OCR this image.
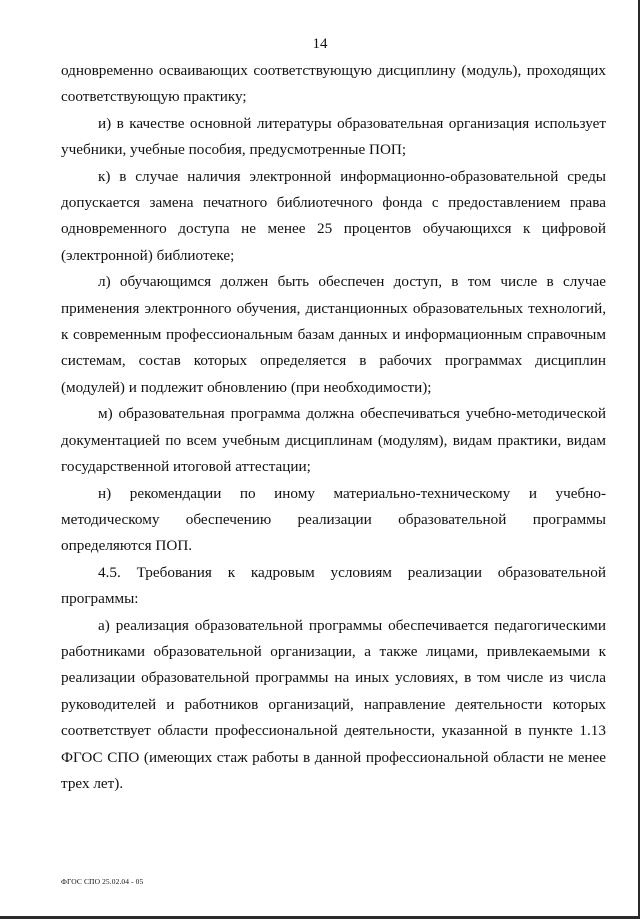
14

одновременно осваивающих соответствующую дисциплину (модуль), проходящих соответствующую практику;

и) в качестве основной литературы образовательная организация использует учебники, учебные пособия, предусмотренные ПОП;

к) в случае наличия электронной информационно-образовательной среды допускается замена печатного библиотечного фонда с предоставлением права одновременного доступа не менее 25 процентов обучающихся к цифровой (электронной) библиотеке;

л) обучающимся должен быть обеспечен доступ, в том числе в случае применения электронного обучения, дистанционных образовательных технологий, к современным профессиональным базам данных и информационным справочным системам, состав которых определяется в рабочих программах дисциплин (модулей) и подлежит обновлению (при необходимости);

м) образовательная программа должна обеспечиваться учебно-методической документацией по всем учебным дисциплинам (модулям), видам практики, видам государственной итоговой аттестации;

н) рекомендации по иному материально-техническому и учебно-методическому обеспечению реализации образовательной программы определяются ПОП.

4.5. Требования к кадровым условиям реализации образовательной программы:

а) реализация образовательной программы обеспечивается педагогическими работниками образовательной организации, а также лицами, привлекаемыми к реализации образовательной программы на иных условиях, в том числе из числа руководителей и работников организаций, направление деятельности которых соответствует области профессиональной деятельности, указанной в пункте 1.13 ФГОС СПО (имеющих стаж работы в данной профессиональной области не менее трех лет).

ФГОС СПО 25.02.04 - 05
